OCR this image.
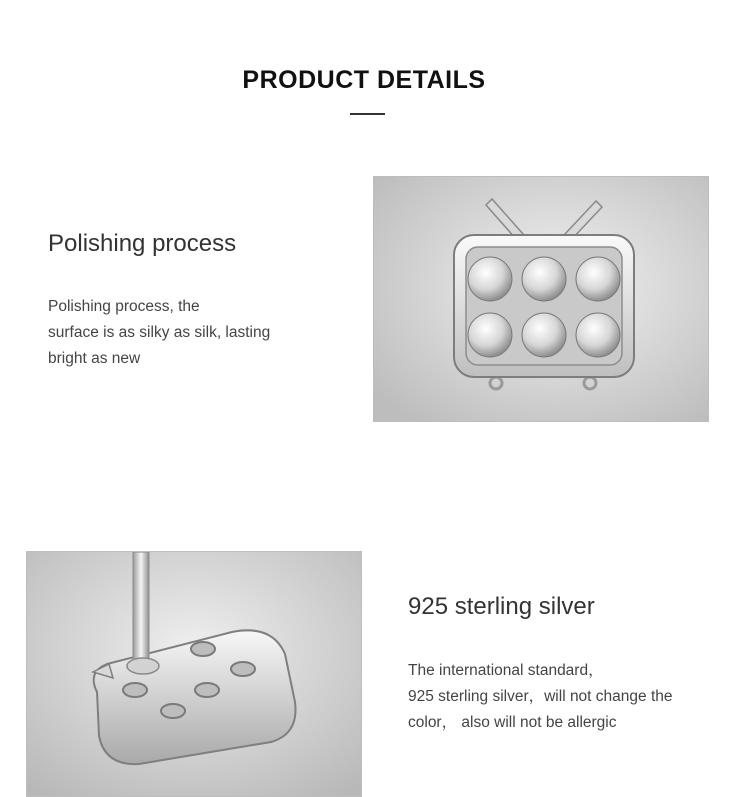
PRODUCT DETAILS
Polishing process
Polishing process, the
surface is as silky as silk, lasting
bright as new
925 sterling silver
The international standard，
925 sterling silver，will not change the
color， also will not be allergic
